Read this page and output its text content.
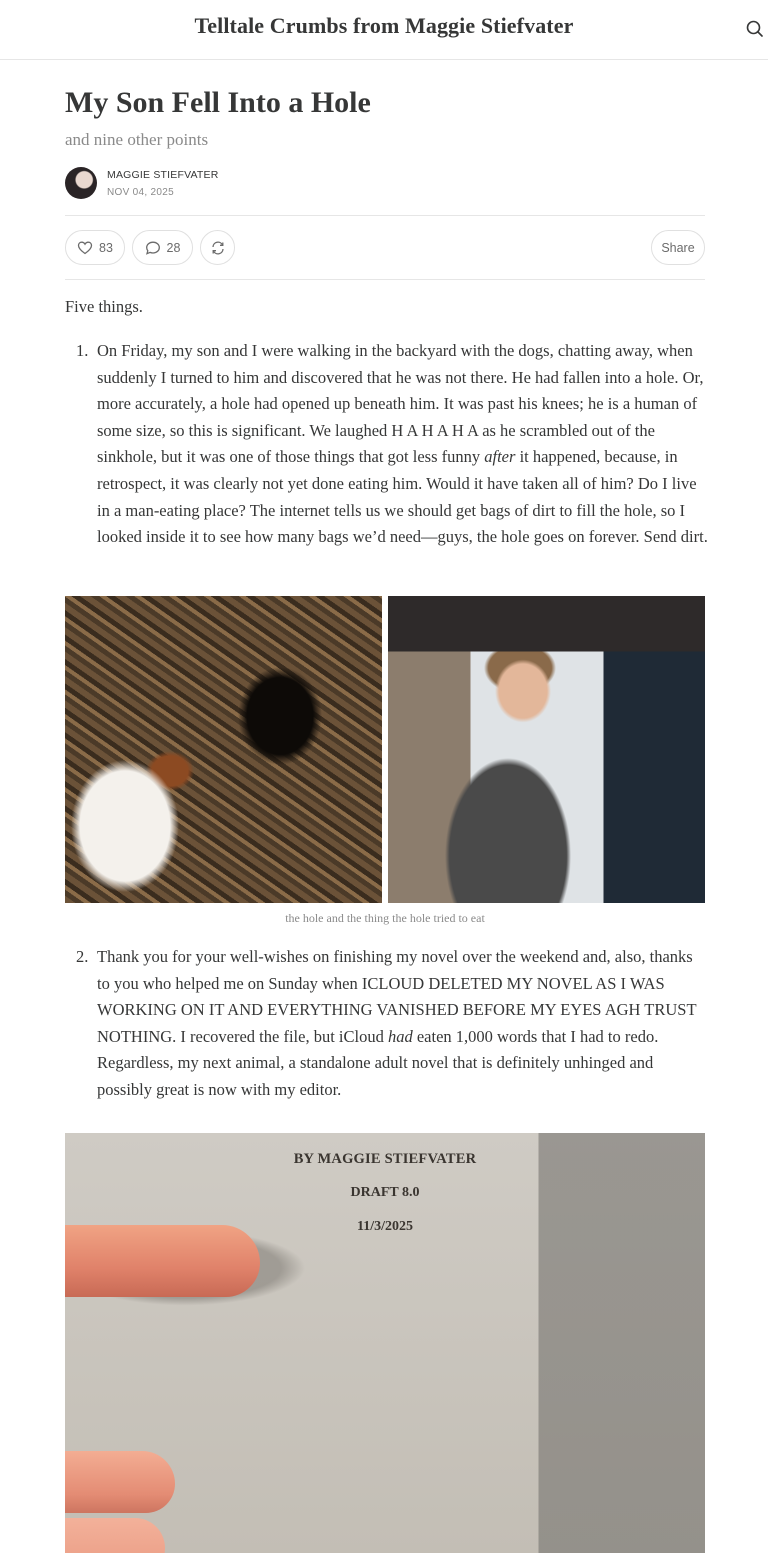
Telltale Crumbs from Maggie Stiefvater
My Son Fell Into a Hole
and nine other points
MAGGIE STIEFVATER
NOV 04, 2025
83	28	Share

Five things.

1. On Friday, my son and I were walking in the backyard with the dogs, chatting away, when suddenly I turned to him and discovered that he was not there. He had fallen into a hole. Or, more accurately, a hole had opened up beneath him. It was past his knees; he is a human of some size, so this is significant. We laughed H A H A H A as he scrambled out of the sinkhole, but it was one of those things that got less funny after it happened, because, in retrospect, it was clearly not yet done eating him. Would it have taken all of him? Do I live in a man-eating place? The internet tells us we should get bags of dirt to fill the hole, so I looked inside it to see how many bags we’d need—guys, the hole goes on forever. Send dirt.

the hole and the thing the hole tried to eat
2. Thank you for your well-wishes on finishing my novel over the weekend and, also, thanks to you who helped me on Sunday when ICLOUD DELETED MY NOVEL AS I WAS WORKING ON IT AND EVERYTHING VANISHED BEFORE MY EYES AGH TRUST NOTHING. I recovered the file, but iCloud had eaten 1,000 words that I had to redo. Regardless, my next animal, a standalone adult novel that is definitely unhinged and possibly great is now with my editor.

BY MAGGIE STIEFVATER
DRAFT 8.0
11/3/2025
